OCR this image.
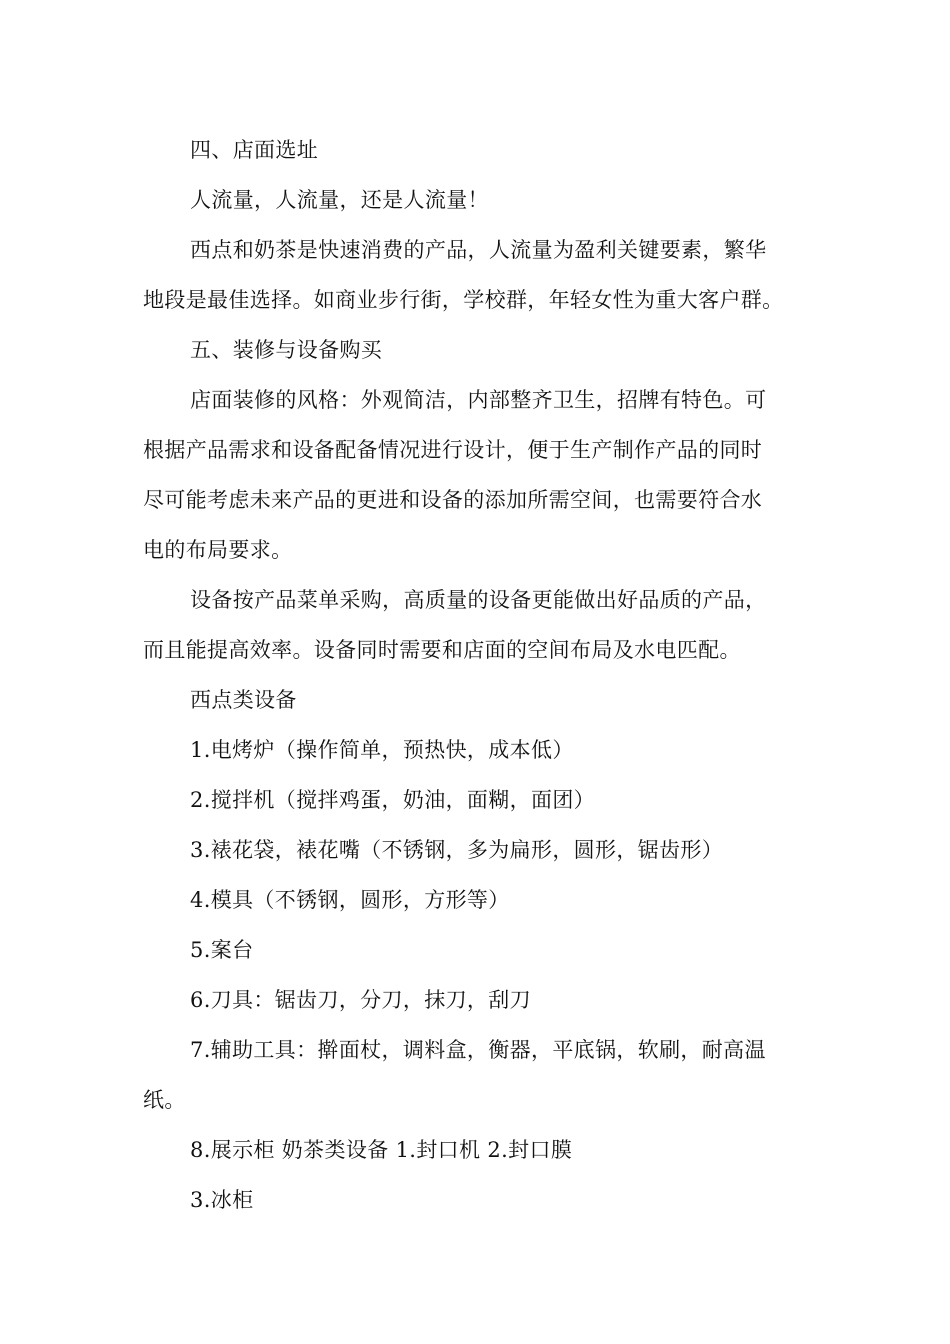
四、店面选址
人流量，人流量，还是人流量！
西点和奶茶是快速消费的产品，人流量为盈利关键要素，繁华
地段是最佳选择。如商业步行街，学校群，年轻女性为重大客户群。
五、装修与设备购买
店面装修的风格：外观简洁，内部整齐卫生，招牌有特色。可
根据产品需求和设备配备情况进行设计，便于生产制作产品的同时
尽可能考虑未来产品的更进和设备的添加所需空间，也需要符合水
电的布局要求。
设备按产品菜单采购，高质量的设备更能做出好品质的产品，
而且能提高效率。设备同时需要和店面的空间布局及水电匹配。
西点类设备
1.电烤炉（操作简单，预热快，成本低）
2.搅拌机（搅拌鸡蛋，奶油，面糊，面团）
3.裱花袋，裱花嘴（不锈钢，多为扁形，圆形，锯齿形）
4.模具（不锈钢，圆形，方形等）
5.案台
6.刀具：锯齿刀，分刀，抹刀，刮刀
7.辅助工具：擀面杖，调料盒，衡器，平底锅，软刷，耐高温
纸。
8.展示柜 奶茶类设备 1.封口机 2.封口膜
3.冰柜
